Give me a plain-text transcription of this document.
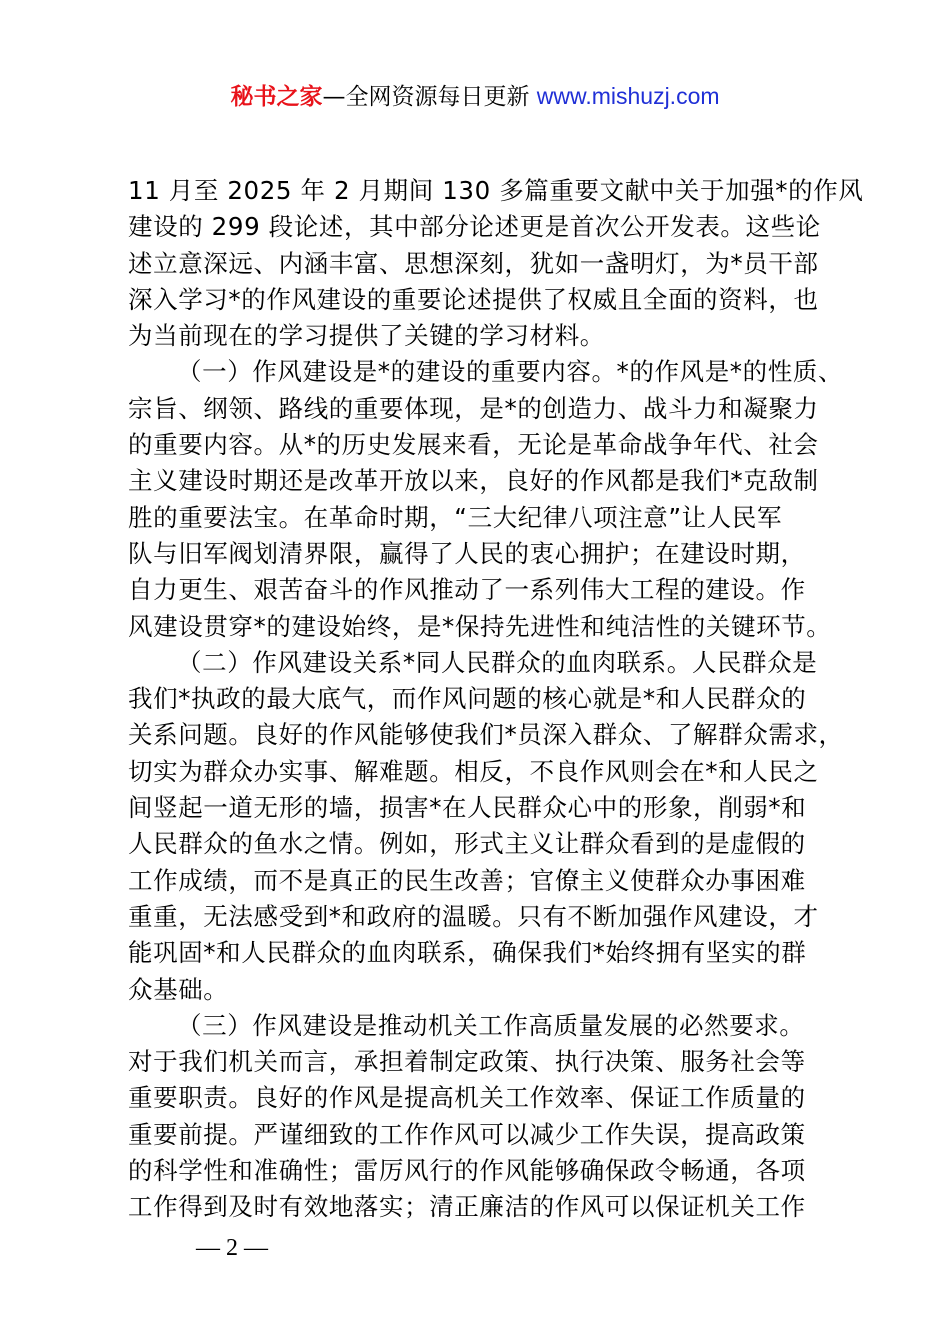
秘书之家—全网资源每日更新 www.mishuzj.com
11 月至 2025 年 2 月期间 130 多篇重要文献中关于加强*的作风
建设的 299 段论述，其中部分论述更是首次公开发表。这些论
述立意深远、内涵丰富、思想深刻，犹如一盏明灯，为*员干部
深入学习*的作风建设的重要论述提供了权威且全面的资料，也
为当前现在的学习提供了关键的学习材料。
（一）作风建设是*的建设的重要内容。*的作风是*的性质、
宗旨、纲领、路线的重要体现，是*的创造力、战斗力和凝聚力
的重要内容。从*的历史发展来看，无论是革命战争年代、社会
主义建设时期还是改革开放以来，良好的作风都是我们*克敌制
胜的重要法宝。在革命时期，“三大纪律八项注意”让人民军
队与旧军阀划清界限，赢得了人民的衷心拥护；在建设时期，
自力更生、艰苦奋斗的作风推动了一系列伟大工程的建设。作
风建设贯穿*的建设始终，是*保持先进性和纯洁性的关键环节。
（二）作风建设关系*同人民群众的血肉联系。人民群众是
我们*执政的最大底气，而作风问题的核心就是*和人民群众的
关系问题。良好的作风能够使我们*员深入群众、了解群众需求，
切实为群众办实事、解难题。相反，不良作风则会在*和人民之
间竖起一道无形的墙，损害*在人民群众心中的形象，削弱*和
人民群众的鱼水之情。例如，形式主义让群众看到的是虚假的
工作成绩，而不是真正的民生改善；官僚主义使群众办事困难
重重，无法感受到*和政府的温暖。只有不断加强作风建设，才
能巩固*和人民群众的血肉联系，确保我们*始终拥有坚实的群
众基础。
（三）作风建设是推动机关工作高质量发展的必然要求。
对于我们机关而言，承担着制定政策、执行决策、服务社会等
重要职责。良好的作风是提高机关工作效率、保证工作质量的
重要前提。严谨细致的工作作风可以减少工作失误，提高政策
的科学性和准确性；雷厉风行的作风能够确保政令畅通，各项
工作得到及时有效地落实；清正廉洁的作风可以保证机关工作
— 2 —
